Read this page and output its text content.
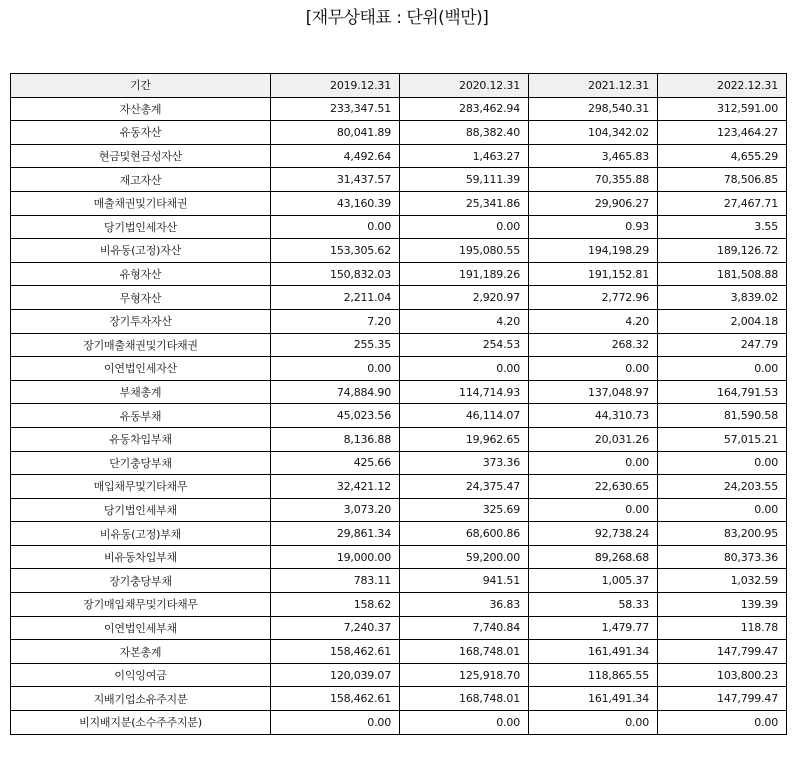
[재무상태표 : 단위(백만)]
기간	2019.12.31	2020.12.31	2021.12.31	2022.12.31
자산총계	233,347.51	283,462.94	298,540.31	312,591.00
유동자산	80,041.89	88,382.40	104,342.02	123,464.27
현금및현금성자산	4,492.64	1,463.27	3,465.83	4,655.29
재고자산	31,437.57	59,111.39	70,355.88	78,506.85
매출채권및기타채권	43,160.39	25,341.86	29,906.27	27,467.71
당기법인세자산	0.00	0.00	0.93	3.55
비유동(고정)자산	153,305.62	195,080.55	194,198.29	189,126.72
유형자산	150,832.03	191,189.26	191,152.81	181,508.88
무형자산	2,211.04	2,920.97	2,772.96	3,839.02
장기투자자산	7.20	4.20	4.20	2,004.18
장기매출채권및기타채권	255.35	254.53	268.32	247.79
이연법인세자산	0.00	0.00	0.00	0.00
부채총계	74,884.90	114,714.93	137,048.97	164,791.53
유동부채	45,023.56	46,114.07	44,310.73	81,590.58
유동차입부채	8,136.88	19,962.65	20,031.26	57,015.21
단기충당부채	425.66	373.36	0.00	0.00
매입채무및기타채무	32,421.12	24,375.47	22,630.65	24,203.55
당기법인세부채	3,073.20	325.69	0.00	0.00
비유동(고정)부채	29,861.34	68,600.86	92,738.24	83,200.95
비유동차입부채	19,000.00	59,200.00	89,268.68	80,373.36
장기충당부채	783.11	941.51	1,005.37	1,032.59
장기매입채무및기타채무	158.62	36.83	58.33	139.39
이연법인세부채	7,240.37	7,740.84	1,479.77	118.78
자본총계	158,462.61	168,748.01	161,491.34	147,799.47
이익잉여금	120,039.07	125,918.70	118,865.55	103,800.23
지배기업소유주지분	158,462.61	168,748.01	161,491.34	147,799.47
비지배지분(소수주주지분)	0.00	0.00	0.00	0.00
